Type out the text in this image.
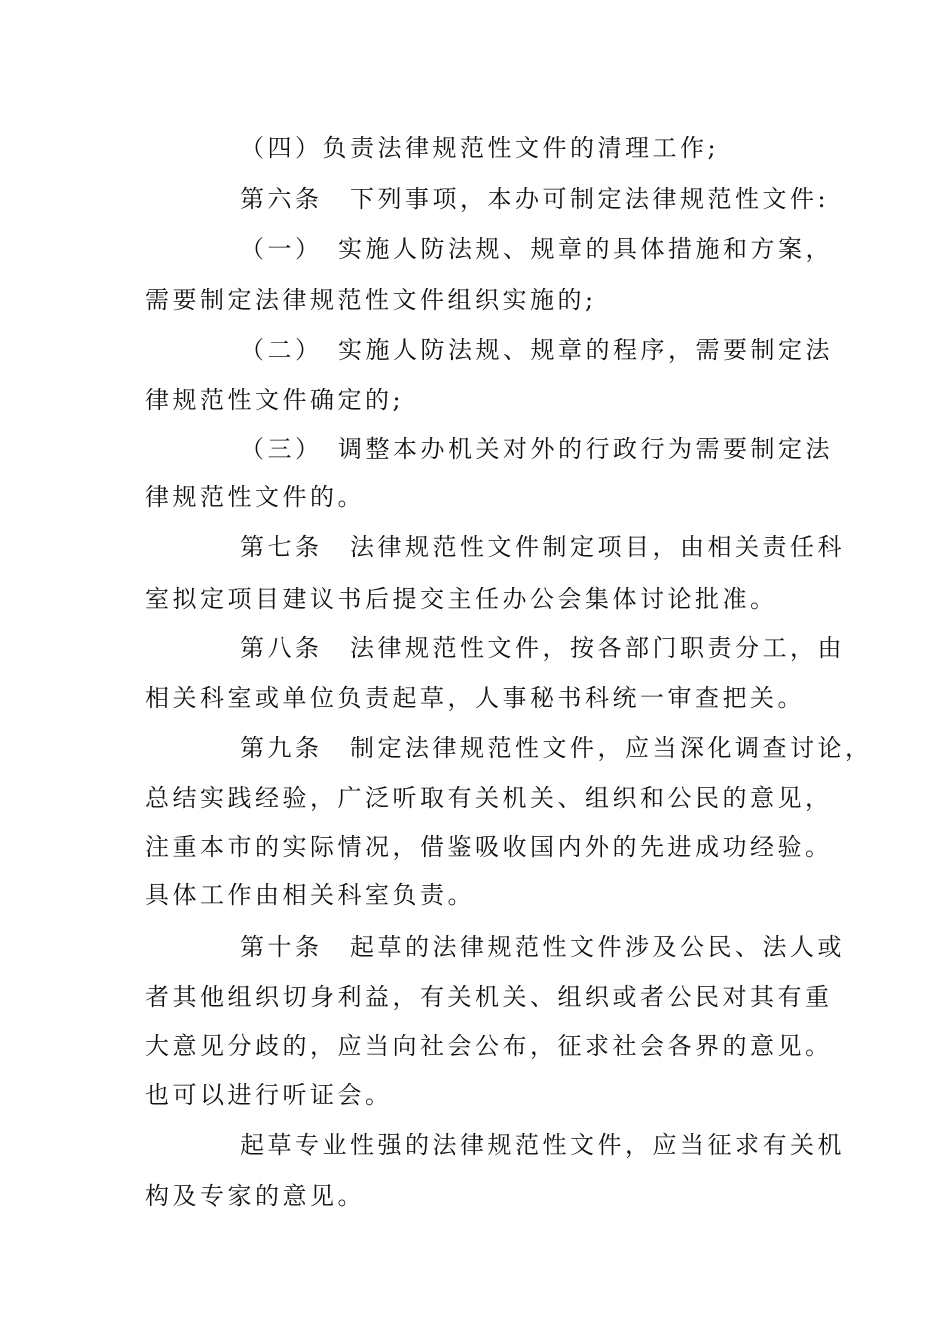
（四）负责法律规范性文件的清理工作;
第六条　下列事项，本办可制定法律规范性文件:
（一）　实施人防法规、规章的具体措施和方案，
需要制定法律规范性文件组织实施的;
（二）　实施人防法规、规章的程序，需要制定法
律规范性文件确定的;
（三）　调整本办机关对外的行政行为需要制定法
律规范性文件的。
第七条　法律规范性文件制定项目，由相关责任科
室拟定项目建议书后提交主任办公会集体讨论批准。
第八条　法律规范性文件，按各部门职责分工，由
相关科室或单位负责起草，人事秘书科统一审查把关。
第九条　制定法律规范性文件，应当深化调查讨论，
总结实践经验，广泛听取有关机关、组织和公民的意见，
注重本市的实际情况，借鉴吸收国内外的先进成功经验。
具体工作由相关科室负责。
第十条　起草的法律规范性文件涉及公民、法人或
者其他组织切身利益，有关机关、组织或者公民对其有重
大意见分歧的，应当向社会公布，征求社会各界的意见。
也可以进行听证会。
起草专业性强的法律规范性文件，应当征求有关机
构及专家的意见。
